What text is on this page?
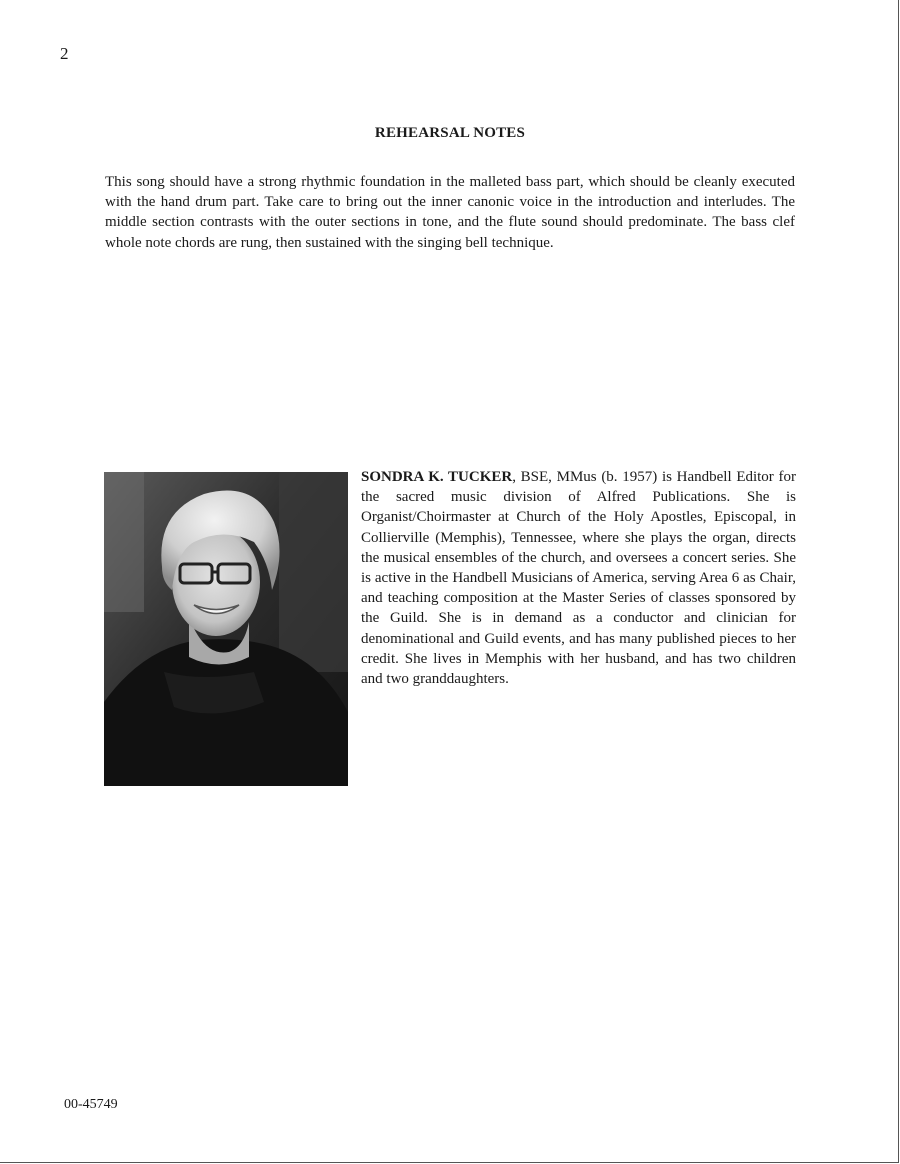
2
REHEARSAL NOTES

This song should have a strong rhythmic foundation in the malleted bass part, which should be cleanly executed with the hand drum part. Take care to bring out the inner canonic voice in the introduction and interludes. The middle section contrasts with the outer sections in tone, and the flute sound should predominate. The bass clef whole note chords are rung, then sustained with the singing bell technique.

SONDRA K. TUCKER, BSE, MMus (b. 1957) is Handbell Editor for the sacred music division of Alfred Publications. She is Organist/Choirmaster at Church of the Holy Apostles, Episcopal, in Collierville (Memphis), Tennessee, where she plays the organ, directs the musical ensembles of the church, and oversees a concert series. She is active in the Handbell Musicians of America, serving Area 6 as Chair, and teaching composition at the Master Series of classes sponsored by the Guild. She is in demand as a conductor and clinician for denominational and Guild events, and has many published pieces to her credit. She lives in Memphis with her husband, and has two children and two granddaughters.

00-45749
